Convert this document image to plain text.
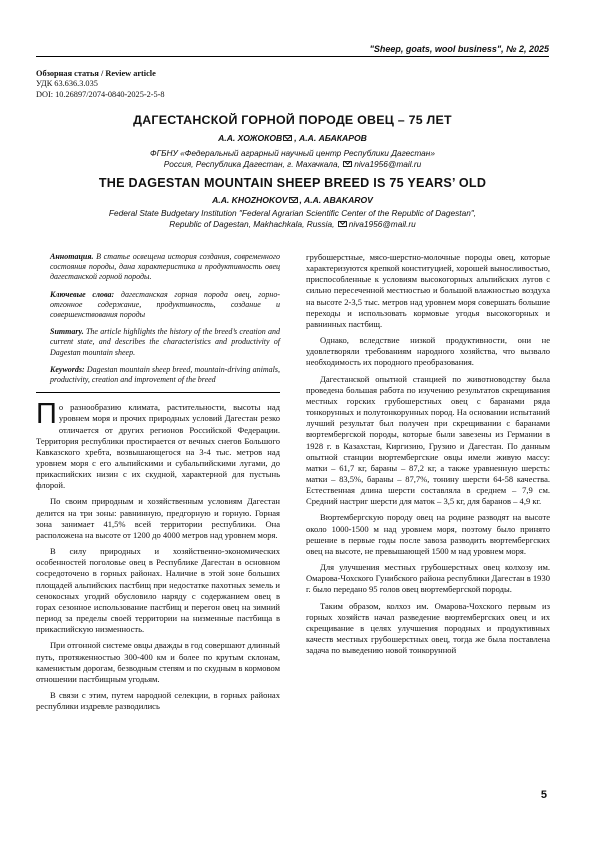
"Sheep, goats, wool business", № 2, 2025
Обзорная статья / Review article
УДК 63.636.3.035
DOI: 10.26897/2074-0840-2025-2-5-8
ДАГЕСТАНСКОЙ ГОРНОЙ ПОРОДЕ ОВЕЦ – 75 ЛЕТ
А.А. ХОЖОКОВ , А.А. АБАКАРОВ
ФГБНУ «Федеральный аграрный научный центр Республики Дагестан»
Россия, Республика Дагестан, г. Махачкала, niva1956@mail.ru
THE DAGESTAN MOUNTAIN SHEEP BREED IS 75 YEARS’ OLD
A.A. KHOZHOKOV , A.A. ABAKAROV
Federal State Budgetary Institution "Federal Agrarian Scientific Center of the Republic of Dagestan",
Republic of Dagestan, Makhachkala, Russia, niva1956@mail.ru

Аннотация. В статье освещена история создания, современного состояния породы, дана характеристика и продуктивность овец дагестанской горной породы.

Ключевые слова: дагестанская горная порода овец, горно-отгонное содержание, продуктивность, создание и совершенствования породы

Summary. The article highlights the history of the breed’s creation and current state, and describes the characteristics and productivity of Dagestan mountain sheep.

Keywords: Dagestan mountain sheep breed, mountain-driving animals, productivity, creation and improvement of the breed

По разнообразию климата, растительности, высоты над уровнем моря и прочих природных условий Дагестан резко отличается от других регионов Российской Федерации. Территория республики простирается от вечных снегов Большого Кавказского хребта, возвышающегося на 3-4 тыс. метров над уровнем моря с его альпийскими и субальпийскими лугами, до прикаспийских низин с их скудной, характерной для пустынь флорой.

По своим природным и хозяйственным условиям Дагестан делится на три зоны: равнинную, предгорную и горную. Горная зона занимает 41,5% всей территории республики. Она расположена на высоте от 1200 до 4000 метров над уровнем моря.

В силу природных и хозяйственно-экономических особенностей поголовье овец в Республике Дагестан в основном сосредоточено в горных районах. Наличие в этой зоне больших площадей альпийских пастбищ при недостатке пахотных земель и сенокосных угодий обусловило наряду с содержанием овец в горах сезонное использование пастбищ и перегон овец на зимний период за пределы своей территории на низменные пастбища в прикаспийскую низменность.

При отгонной системе овцы дважды в год совершают длинный путь, протяженностью 300-400 км и более по крутым склонам, каменистым дорогам, безводным степям и по скудным в кормовом отношении пастбищным угодьям.

В связи с этим, путем народной селекции, в горных районах республики издревле разводились

грубошерстные, мясо-шерстно-молочные породы овец, которые характеризуются крепкой конституцией, хорошей выносливостью, приспособленные к условиям высокогорных альпийских лугов с сильно пересеченной местностью и большой влажностью воздуха на высоте 2-3,5 тыс. метров над уровнем моря совершать большие переходы и использовать кормовые угодья высокогорных и равнинных пастбищ.

Однако, вследствие низкой продуктивности, они не удовлетворяли требованиям народного хозяйства, что вызвало необходимость их породного преобразования.

Дагестанской опытной станцией по животноводству была проведена большая работа по изучению результатов скрещивания местных горских грубошерстных овец с баранами ряда тонкорунных и полутонкорунных пород. На основании испытаний лучший результат был получен при скрещивании с баранами вюртембергской породы, которые были завезены из Германии в 1928 г. в Казахстан, Киргизию, Грузию и Дагестан. По данным опытной станции вюртембергские овцы имели живую массу: матки – 61,7 кг, бараны – 87,2 кг, а также уравненную шерсть: матки – 83,5%, бараны – 87,7%, тонину шерсти 64-58 качества. Естественная длина шерсти составляла в среднем – 7,9 см. Средний настриг шерсти для маток – 3,5 кг, для баранов – 4,9 кг.

Вюртембергскую породу овец на родине разводят на высоте около 1000-1500 м над уровнем моря, поэтому было принято решение в первые годы после завоза разводить вюртембергских овец на высоте, не превышающей 1500 м над уровнем моря.

Для улучшения местных грубошерстных овец колхозу им. Омарова-Чохского Гунибского района республики Дагестан в 1930 г. было передано 95 голов овец вюртембергской породы.

Таким образом, колхоз им. Омарова-Чохского первым из горных хозяйств начал разведение вюртембергских овец и их скрещивание в целях улучшения породных и продуктивных качеств местных грубошерстных овец, тогда же была поставлена задача по выведению новой тонкорунной

5
